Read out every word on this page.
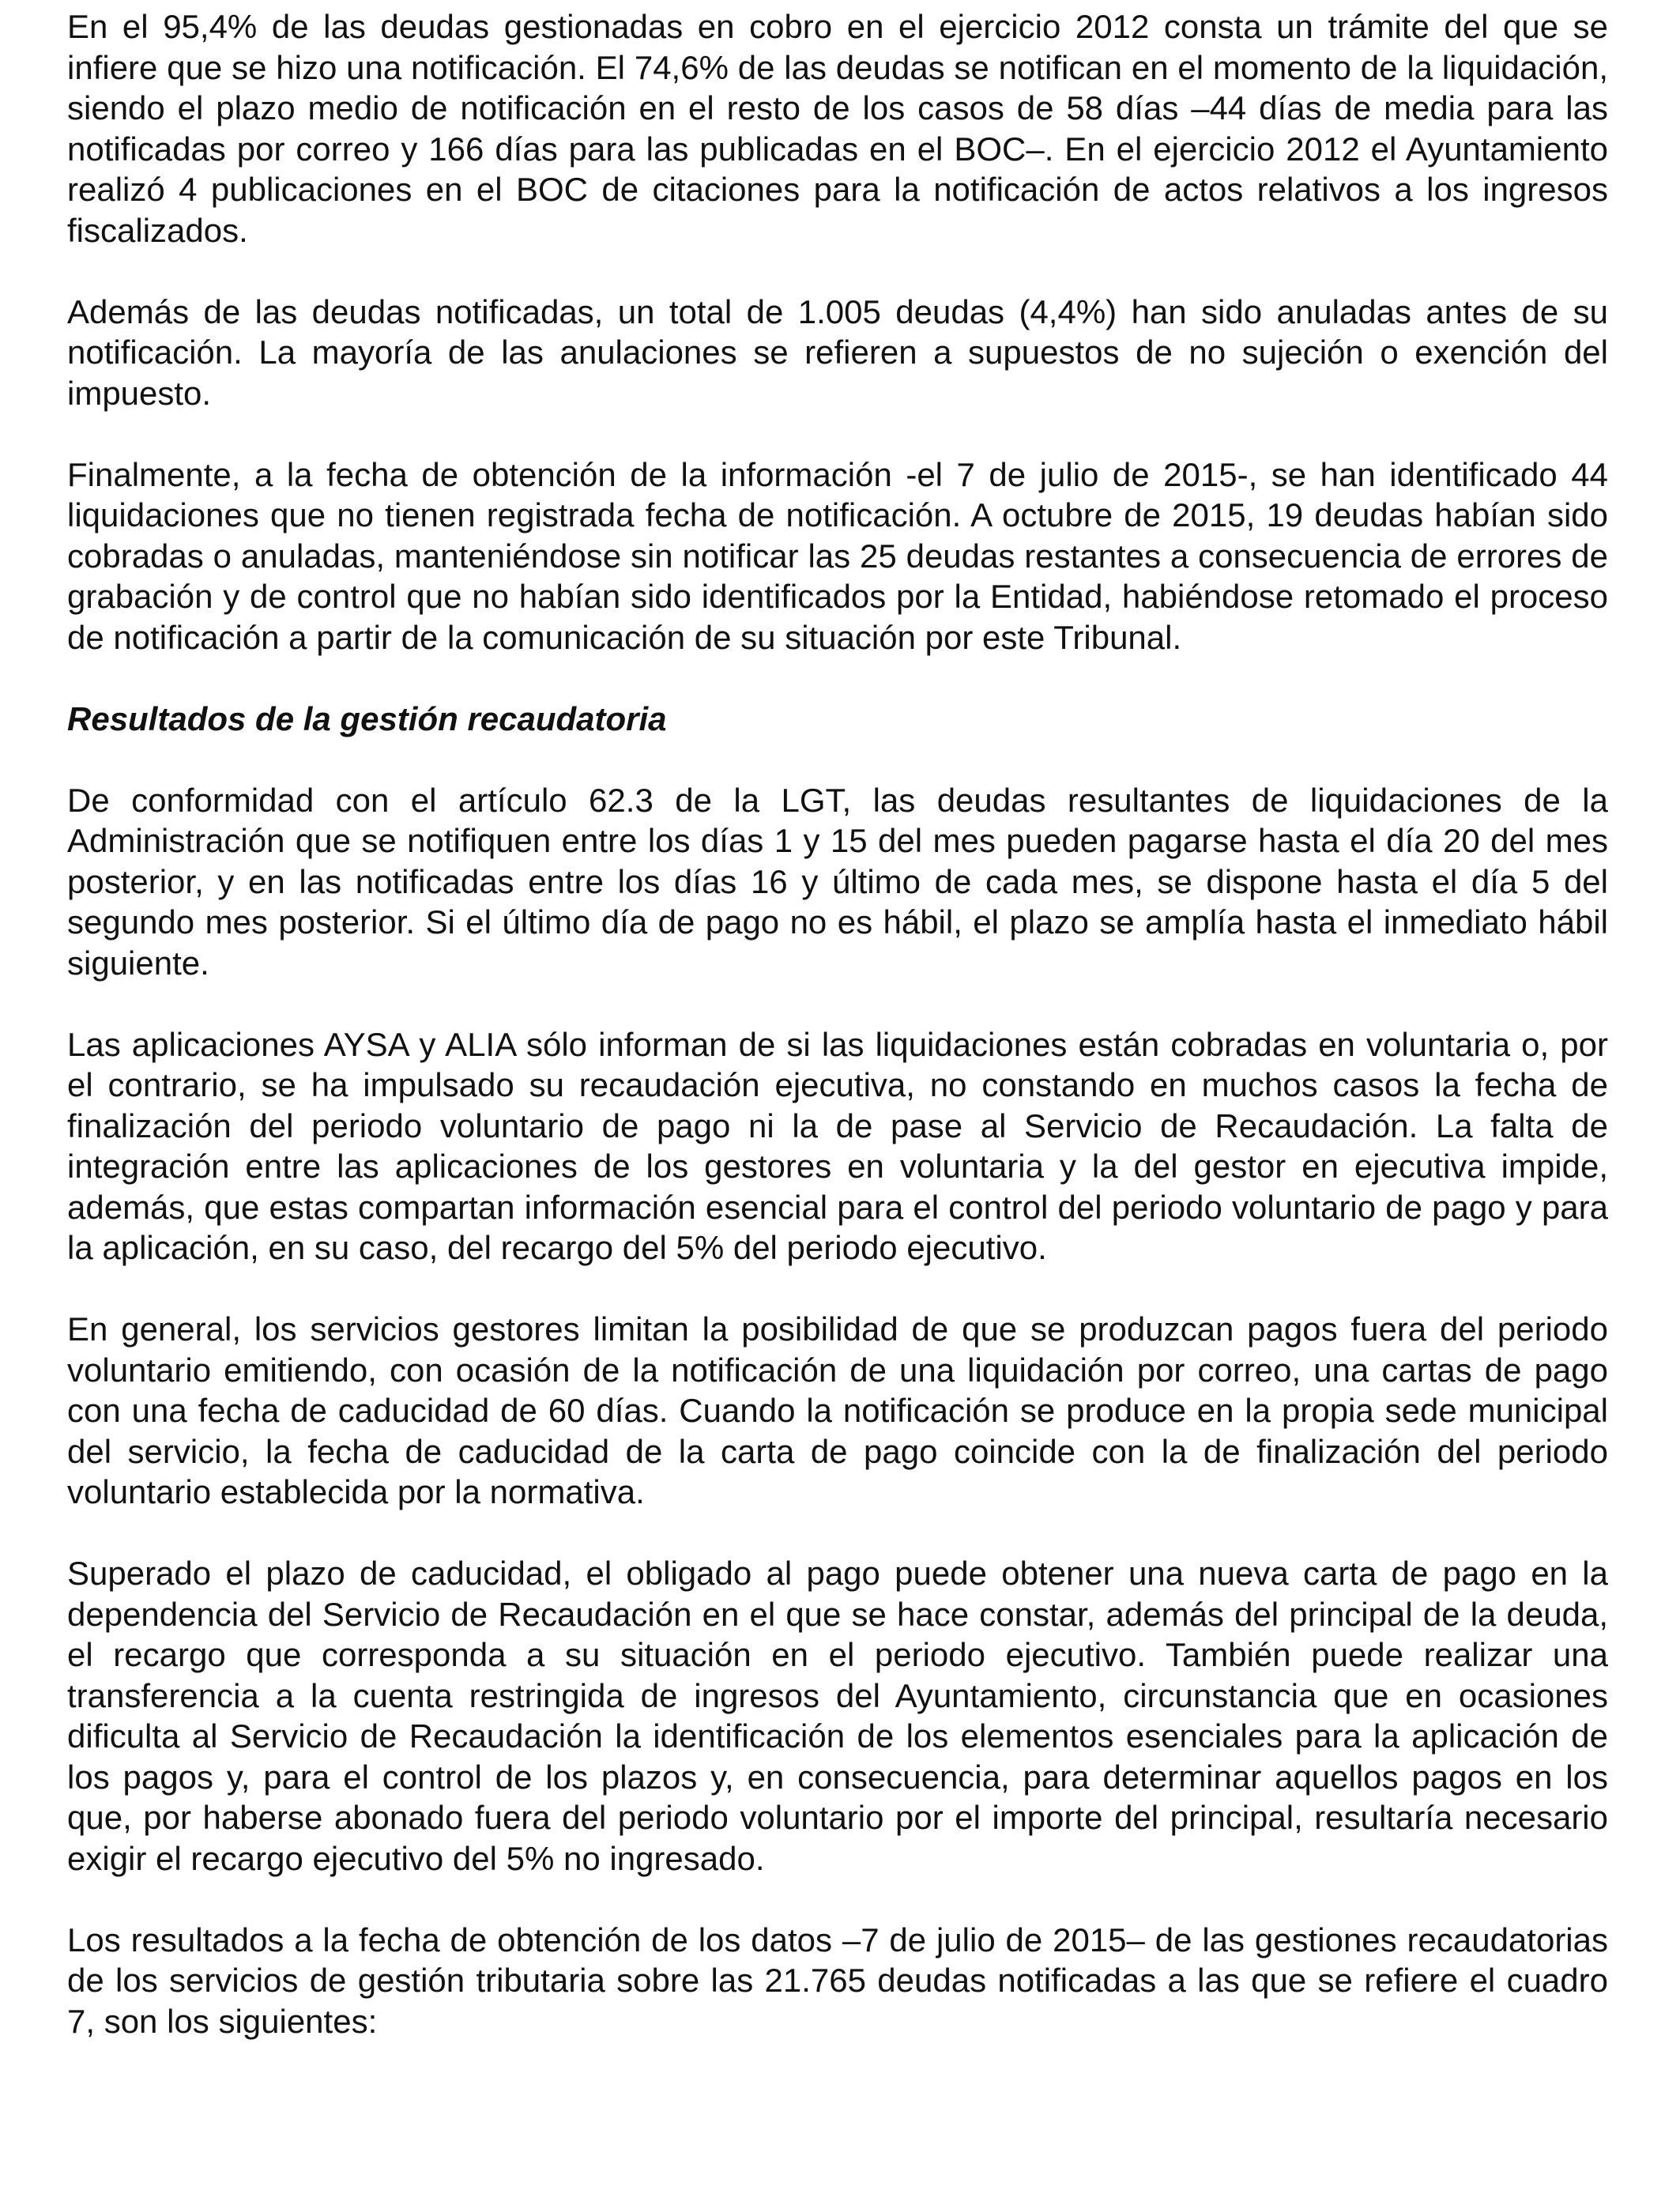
En el 95,4% de las deudas gestionadas en cobro en el ejercicio 2012 consta un trámite del que se infiere que se hizo una notificación. El 74,6% de las deudas se notifican en el momento de la liquidación, siendo el plazo medio de notificación en el resto de los casos de 58 días –44 días de media para las notificadas por correo y 166 días para las publicadas en el BOC–. En el ejercicio 2012 el Ayuntamiento realizó 4 publicaciones en el BOC de citaciones para la notificación de actos relativos a los ingresos fiscalizados.

Además de las deudas notificadas, un total de 1.005 deudas (4,4%) han sido anuladas antes de su notificación. La mayoría de las anulaciones se refieren a supuestos de no sujeción o exención del impuesto.

Finalmente, a la fecha de obtención de la información -el 7 de julio de 2015-, se han identificado 44 liquidaciones que no tienen registrada fecha de notificación. A octubre de 2015, 19 deudas habían sido cobradas o anuladas, manteniéndose sin notificar las 25 deudas restantes a consecuencia de errores de grabación y de control que no habían sido identificados por la Entidad, habiéndose retomado el proceso de notificación a partir de la comunicación de su situación por este Tribunal.

Resultados de la gestión recaudatoria

De conformidad con el artículo 62.3 de la LGT, las deudas resultantes de liquidaciones de la Administración que se notifiquen entre los días 1 y 15 del mes pueden pagarse hasta el día 20 del mes posterior, y en las notificadas entre los días 16 y último de cada mes, se dispone hasta el día 5 del segundo mes posterior. Si el último día de pago no es hábil, el plazo se amplía hasta el inmediato hábil siguiente.

Las aplicaciones AYSA y ALIA sólo informan de si las liquidaciones están cobradas en voluntaria o, por el contrario, se ha impulsado su recaudación ejecutiva, no constando en muchos casos la fecha de finalización del periodo voluntario de pago ni la de pase al Servicio de Recaudación. La falta de integración entre las aplicaciones de los gestores en voluntaria y la del gestor en ejecutiva impide, además, que estas compartan información esencial para el control del periodo voluntario de pago y para la aplicación, en su caso, del recargo del 5% del periodo ejecutivo.

En general, los servicios gestores limitan la posibilidad de que se produzcan pagos fuera del periodo voluntario emitiendo, con ocasión de la notificación de una liquidación por correo, una cartas de pago con una fecha de caducidad de 60 días. Cuando la notificación se produce en la propia sede municipal del servicio, la fecha de caducidad de la carta de pago coincide con la de finalización del periodo voluntario establecida por la normativa.

Superado el plazo de caducidad, el obligado al pago puede obtener una nueva carta de pago en la dependencia del Servicio de Recaudación en el que se hace constar, además del principal de la deuda, el recargo que corresponda a su situación en el periodo ejecutivo. También puede realizar una transferencia a la cuenta restringida de ingresos del Ayuntamiento, circunstancia que en ocasiones dificulta al Servicio de Recaudación la identificación de los elementos esenciales para la aplicación de los pagos y, para el control de los plazos y, en consecuencia, para determinar aquellos pagos en los que, por haberse abonado fuera del periodo voluntario por el importe del principal, resultaría necesario exigir el recargo ejecutivo del 5% no ingresado.

Los resultados a la fecha de obtención de los datos –7 de julio de 2015– de las gestiones recaudatorias de los servicios de gestión tributaria sobre las 21.765 deudas notificadas a las que se refiere el cuadro 7, son los siguientes:
